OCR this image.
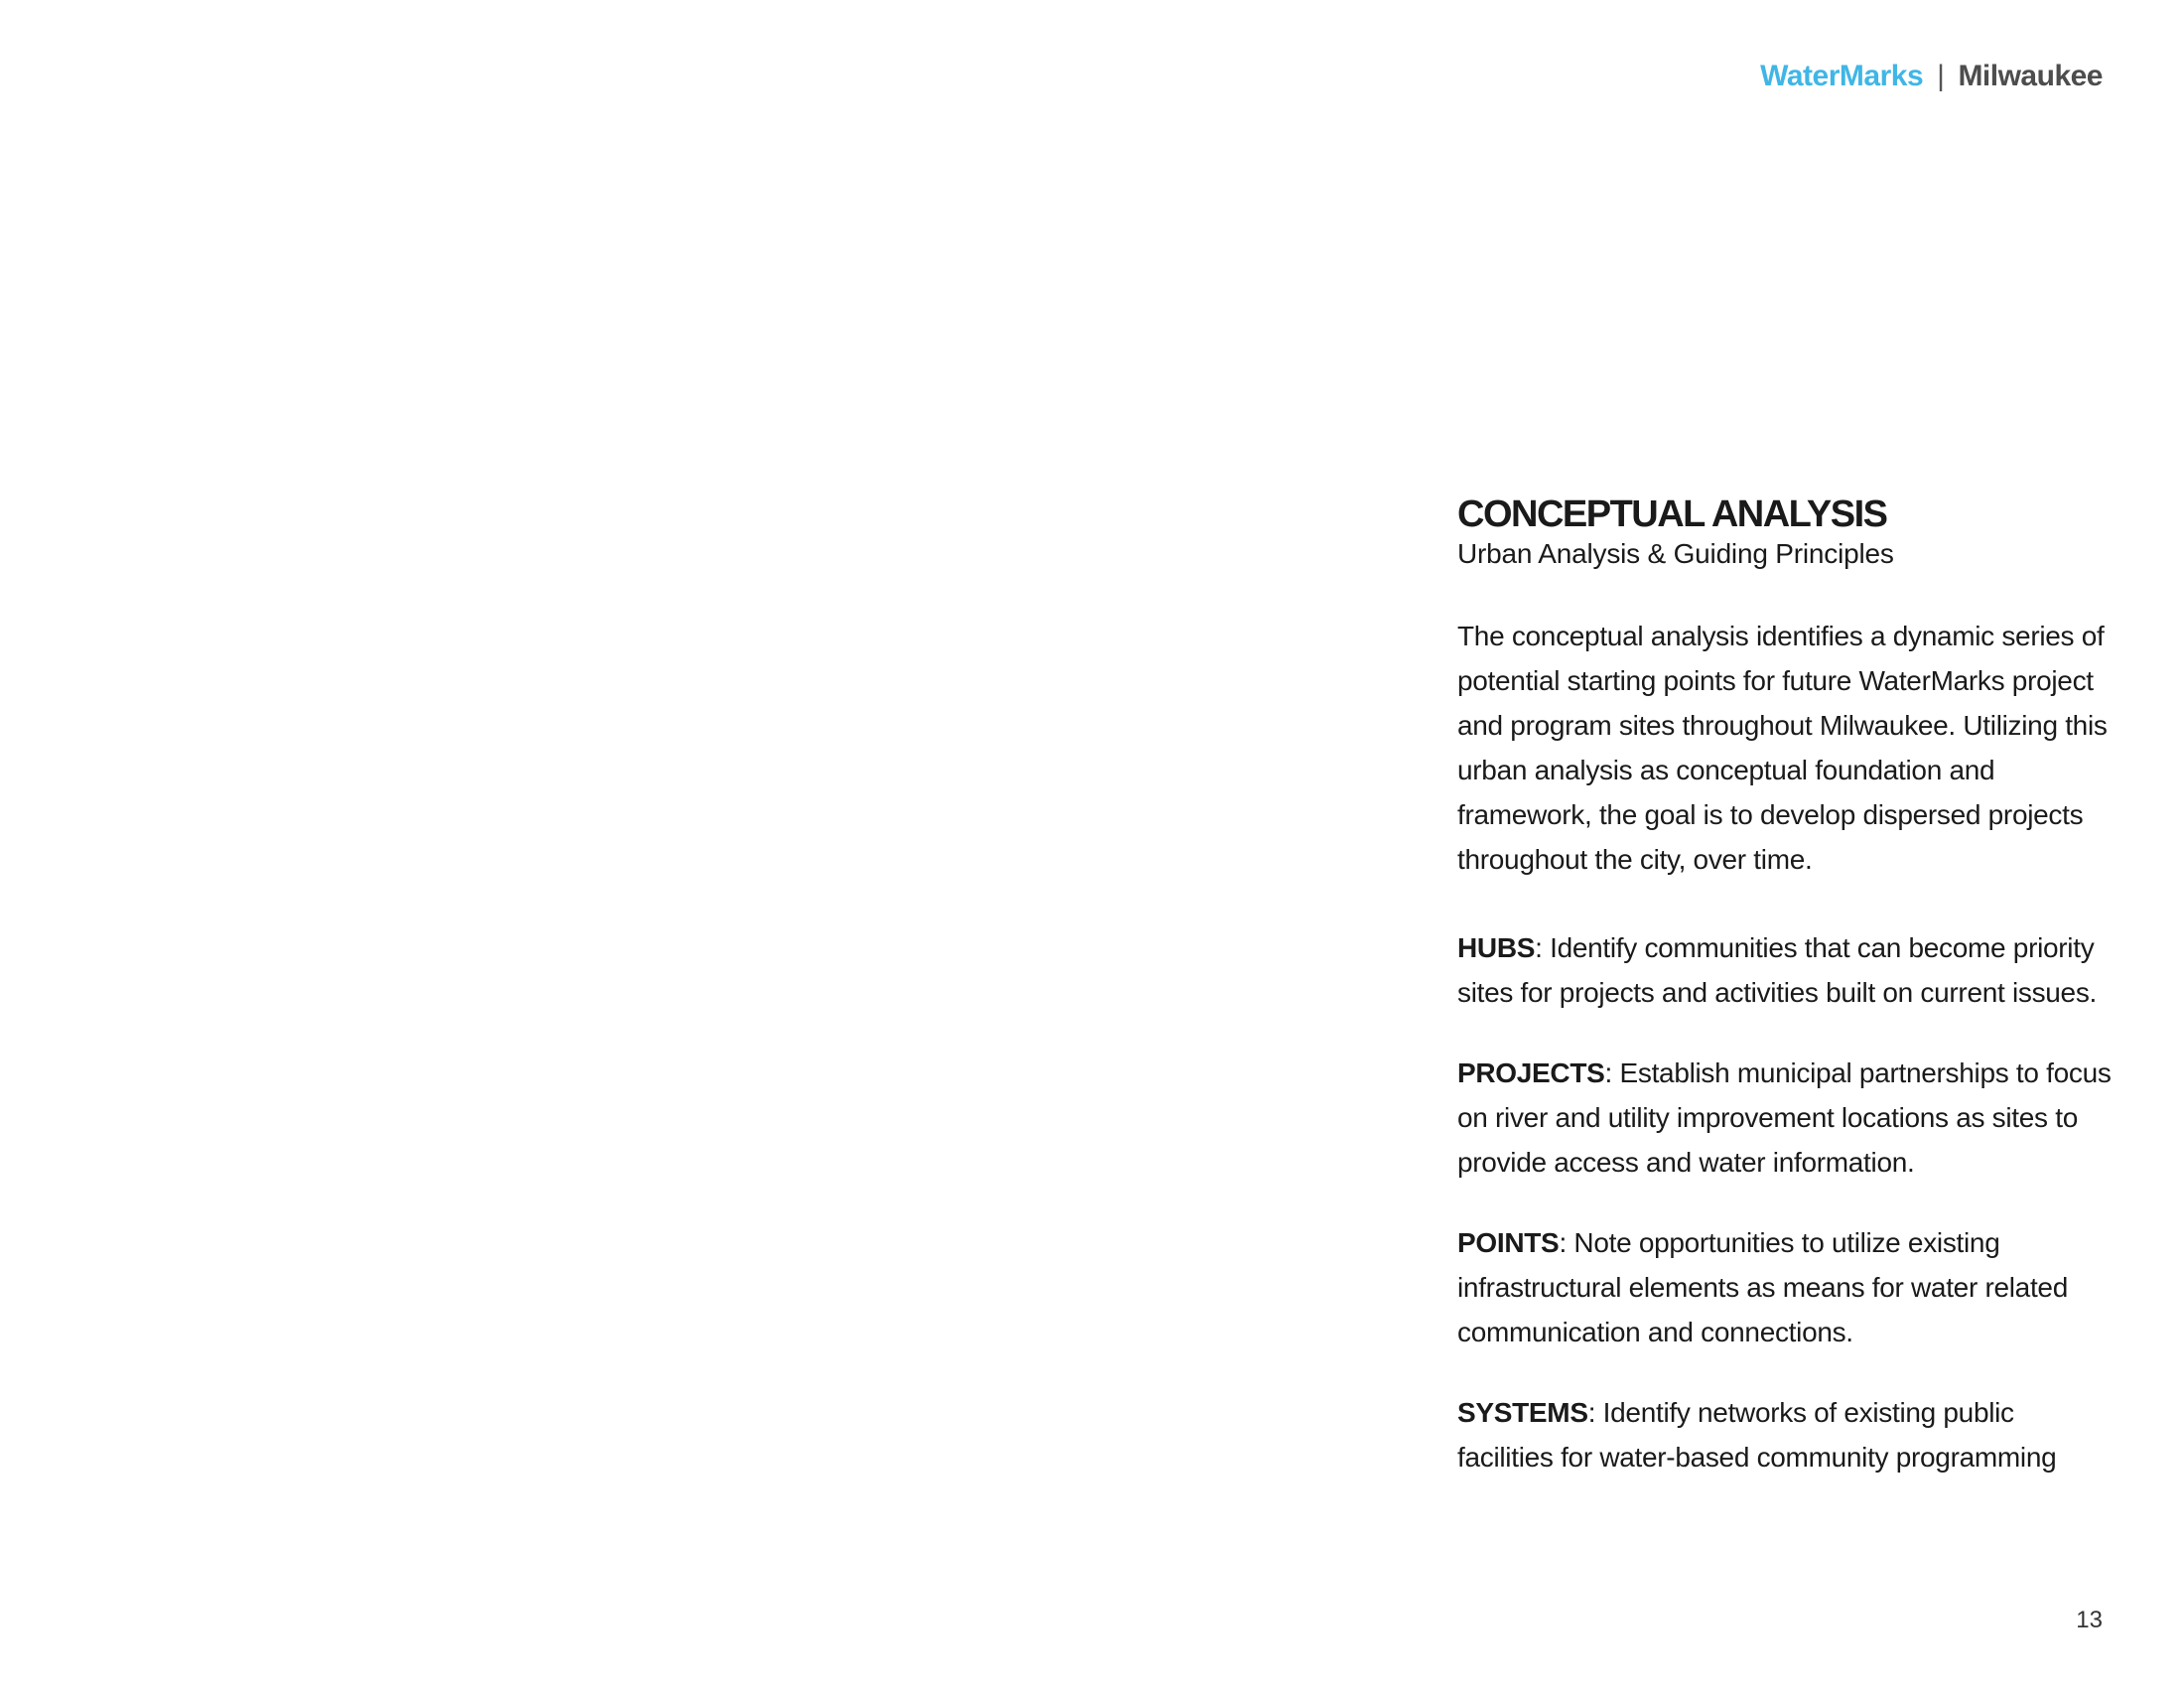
WaterMarks | Milwaukee
CONCEPTUAL ANALYSIS

Urban Analysis & Guiding Principles

The conceptual analysis identifies a dynamic series of potential starting points for future WaterMarks project and program sites throughout Milwaukee. Utilizing this urban analysis as conceptual foundation and framework, the goal is to develop dispersed projects throughout the city, over time.

HUBS: Identify communities that can become priority sites for projects and activities built on current issues.

PROJECTS: Establish municipal partnerships to focus on river and utility improvement locations as sites to provide access and water information.

POINTS: Note opportunities to utilize existing infrastructural elements as means for water related communication and connections.

SYSTEMS: Identify networks of existing public facilities for water-based community programming

13
